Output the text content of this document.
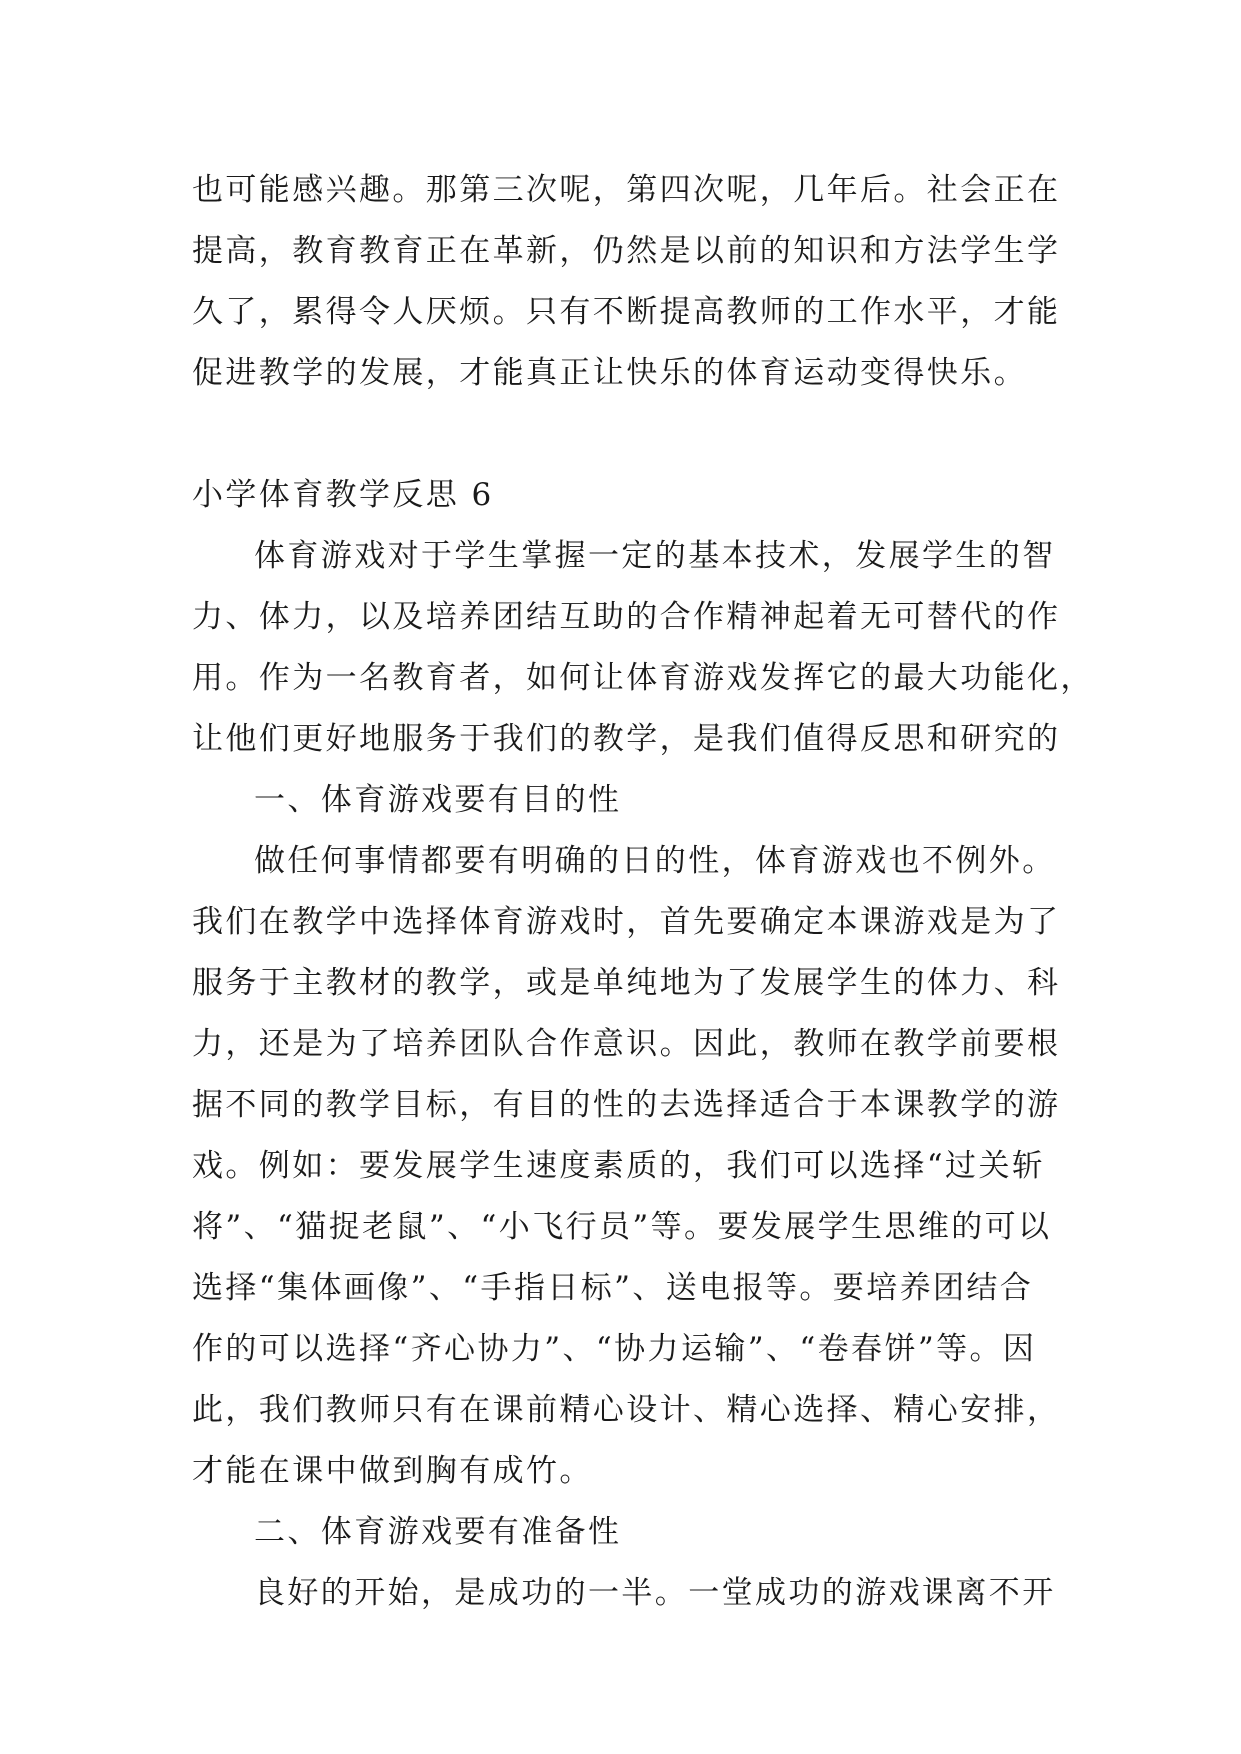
也可能感兴趣。那第三次呢，第四次呢，几年后。社会正在
提高，教育教育正在革新，仍然是以前的知识和方法学生学
久了，累得令人厌烦。只有不断提高教师的工作水平，才能
促进教学的发展，才能真正让快乐的体育运动变得快乐。
小学体育教学反思 6
体育游戏对于学生掌握一定的基本技术，发展学生的智
力、体力，以及培养团结互助的合作精神起着无可替代的作
用。作为一名教育者，如何让体育游戏发挥它的最大功能化，
让他们更好地服务于我们的教学，是我们值得反思和研究的
一、体育游戏要有目的性
做任何事情都要有明确的日的性，体育游戏也不例外。
我们在教学中选择体育游戏时，首先要确定本课游戏是为了
服务于主教材的教学，或是单纯地为了发展学生的体力、科
力，还是为了培养团队合作意识。因此，教师在教学前要根
据不同的教学目标，有目的性的去选择适合于本课教学的游
戏。例如：要发展学生速度素质的，我们可以选择“过关斩
将”、“猫捉老鼠”、“小飞行员”等。要发展学生思维的可以
选择“集体画像”、“手指日标”、送电报等。要培养团结合
作的可以选择“齐心协力”、“协力运输”、“卷春饼”等。因
此，我们教师只有在课前精心设计、精心选择、精心安排，
才能在课中做到胸有成竹。
二、体育游戏要有准备性
良好的开始，是成功的一半。一堂成功的游戏课离不开
